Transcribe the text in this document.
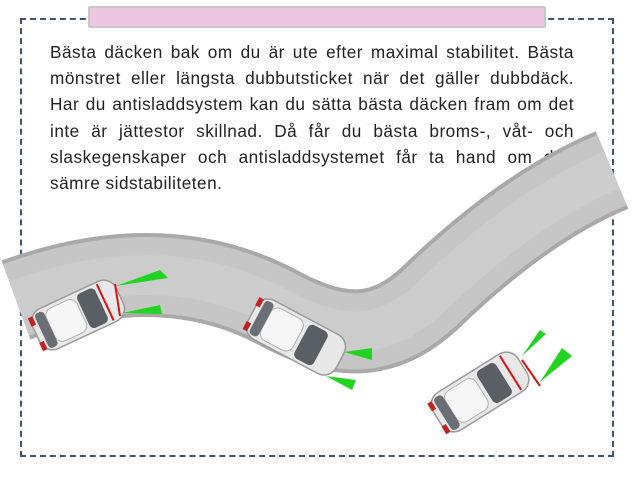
Bästa däcken bak om du är ute efter maximal stabilitet. Bästa mönstret eller längsta dubbutsticket när det gäller dubbdäck. Har du antisladdsystem kan du sätta bästa däcken fram om det inte är jättestor skillnad. Då får du bästa broms-, våt- och slaskegenskaper och antisladdsystemet får ta hand om den sämre sidstabiliteten.
